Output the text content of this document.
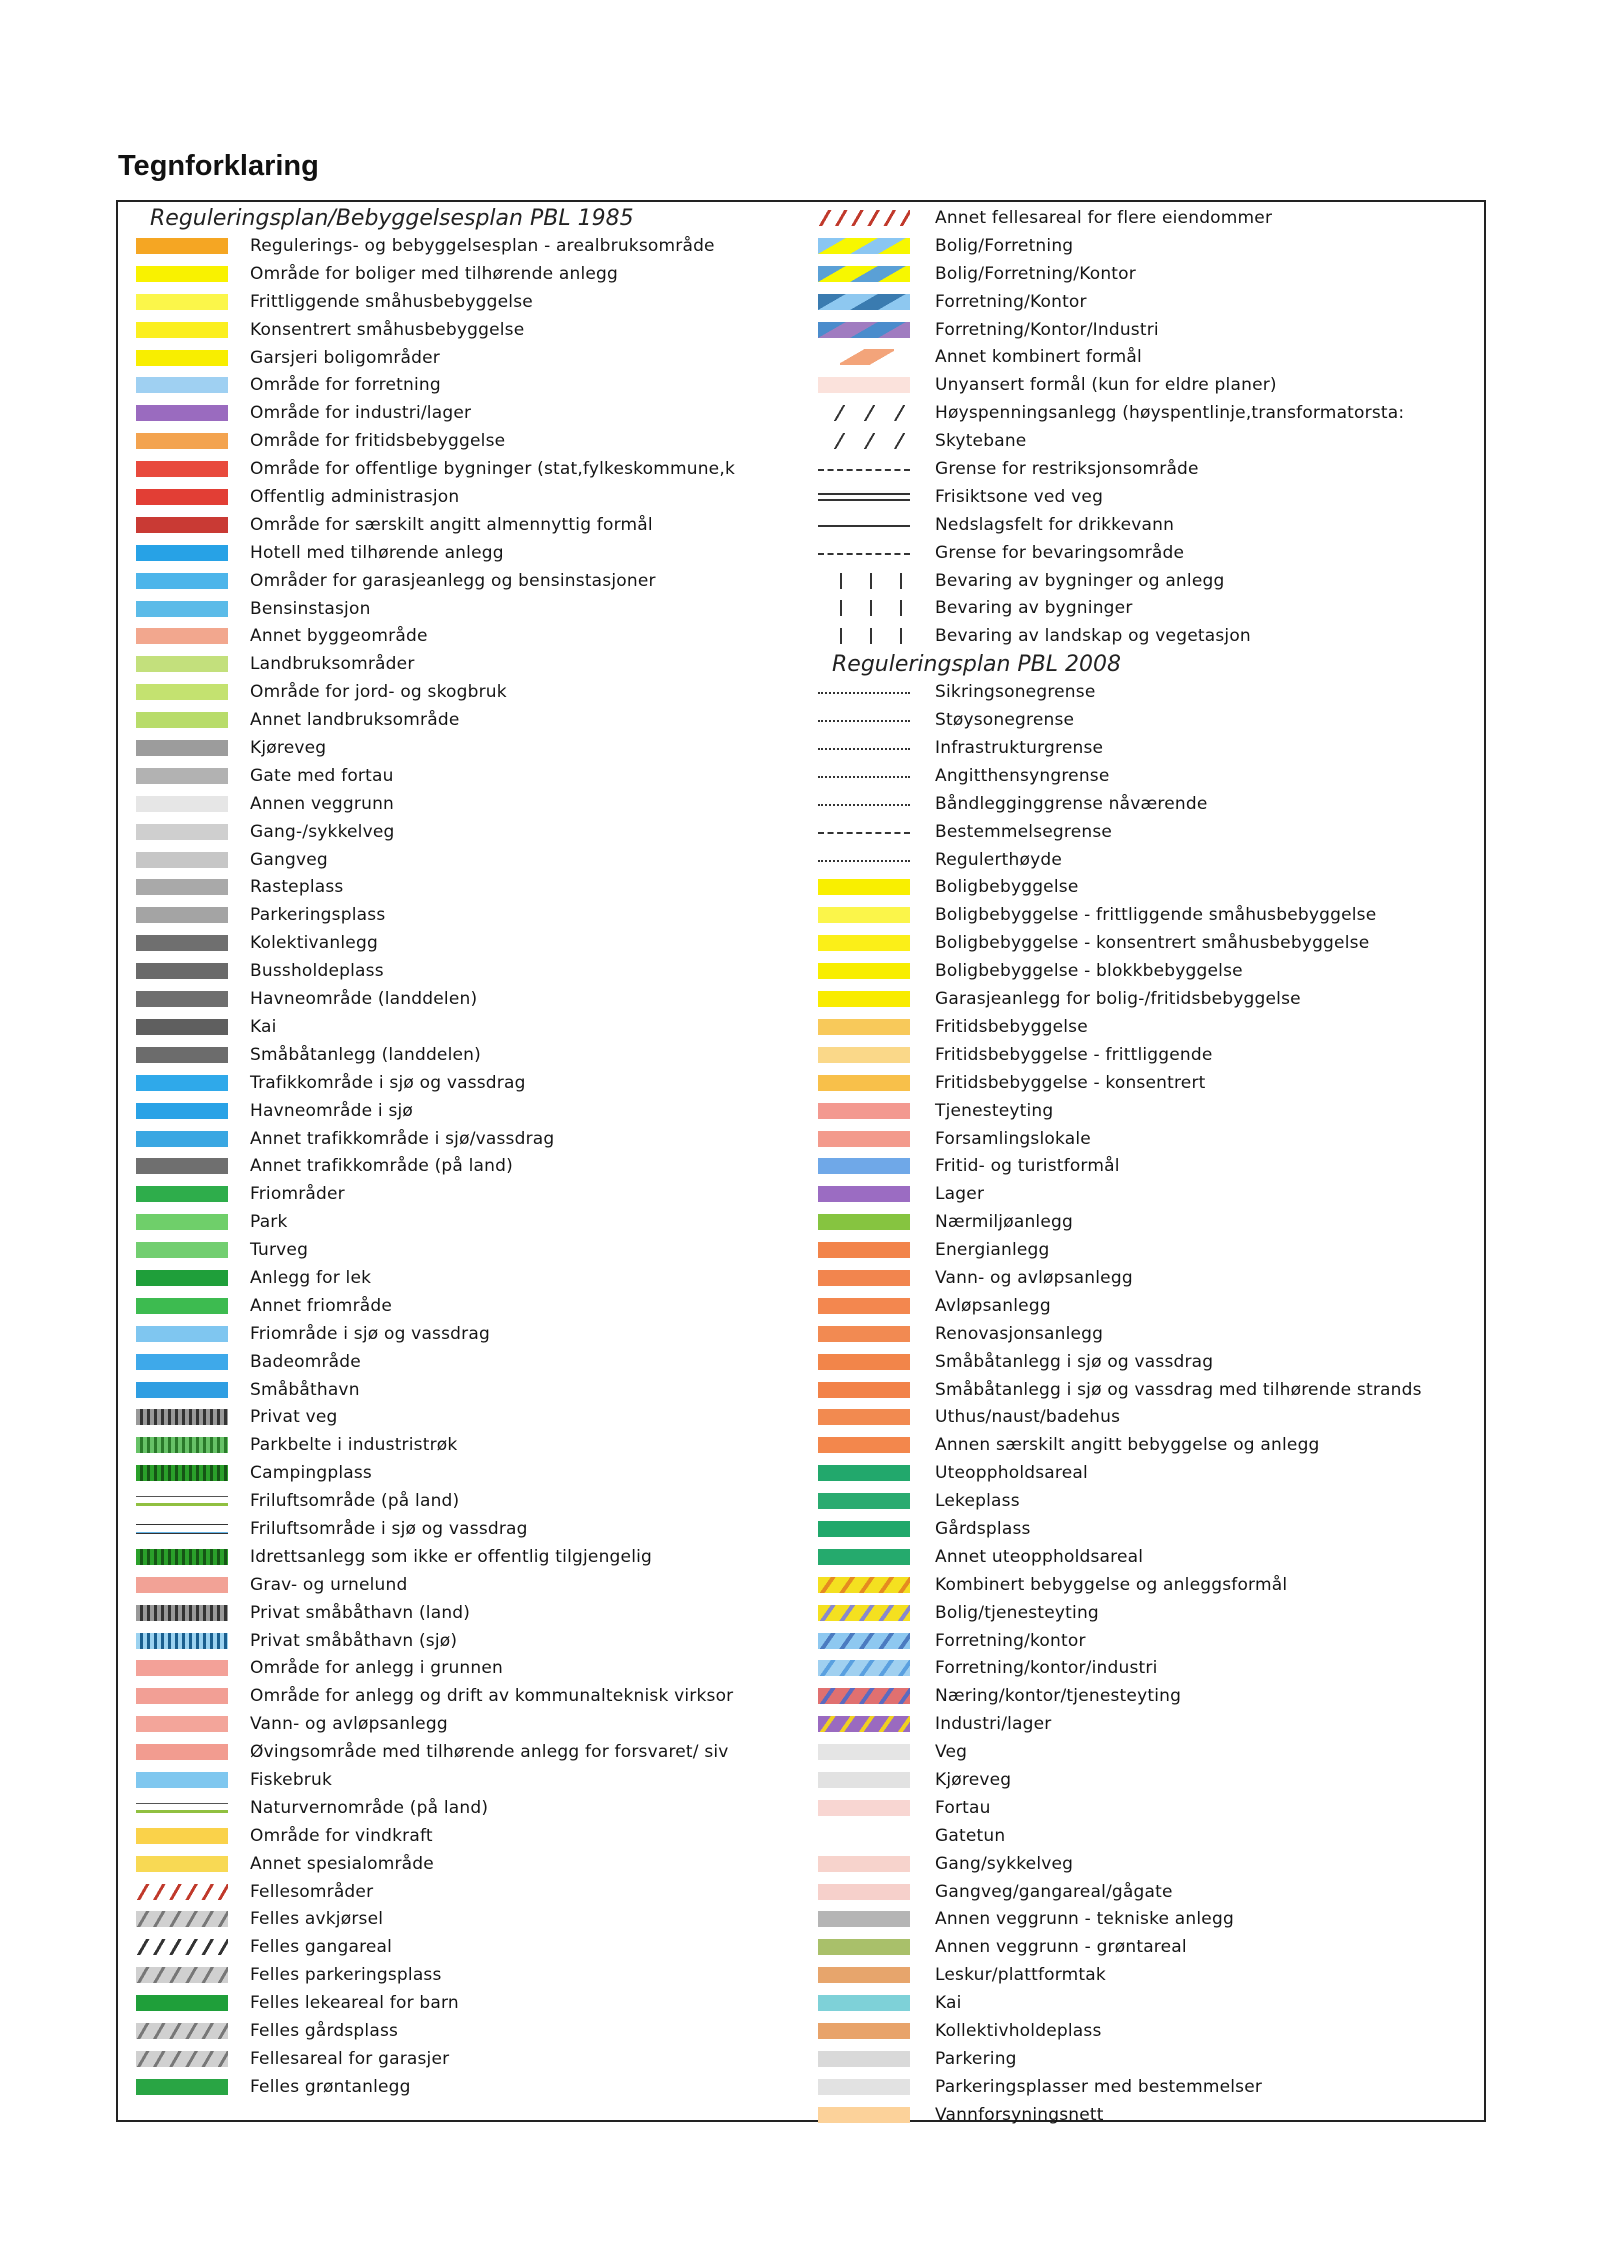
Tegnforklaring
Reguleringsplan/Bebyggelsesplan PBL 1985
Regulerings- og bebyggelsesplan - arealbruksområde
Område for boliger med tilhørende anlegg
Frittliggende småhusbebyggelse
Konsentrert småhusbebyggelse
Garsjeri boligområder
Område for forretning
Område for industri/lager
Område for fritidsbebyggelse
Område for offentlige bygninger (stat,fylkeskommune,k
Offentlig administrasjon
Område for særskilt angitt almennyttig formål
Hotell med tilhørende anlegg
Områder for garasjeanlegg og bensinstasjoner
Bensinstasjon
Annet byggeområde
Landbruksområder
Område for jord- og skogbruk
Annet landbruksområde
Kjøreveg
Gate med fortau
Annen veggrunn
Gang-/sykkelveg
Gangveg
Rasteplass
Parkeringsplass
Kolektivanlegg
Bussholdeplass
Havneområde (landdelen)
Kai
Småbåtanlegg (landdelen)
Trafikkområde i sjø og vassdrag
Havneområde i sjø
Annet trafikkområde i sjø/vassdrag
Annet trafikkområde (på land)
Friområder
Park
Turveg
Anlegg for lek
Annet friområde
Friområde i sjø og vassdrag
Badeområde
Småbåthavn
Privat veg
Parkbelte i industristrøk
Campingplass
Friluftsområde (på land)
Friluftsområde i sjø og vassdrag
Idrettsanlegg som ikke er offentlig tilgjengelig
Grav- og urnelund
Privat småbåthavn (land)
Privat småbåthavn (sjø)
Område for anlegg i grunnen
Område for anlegg og drift av kommunalteknisk virksor
Vann- og avløpsanlegg
Øvingsområde med tilhørende anlegg for forsvaret/ siv
Fiskebruk
Naturvernområde (på land)
Område for vindkraft
Annet spesialområde
Fellesområder
Felles avkjørsel
Felles gangareal
Felles parkeringsplass
Felles lekeareal for barn
Felles gårdsplass
Fellesareal for garasjer
Felles grøntanlegg
Annet fellesareal for flere eiendommer
Bolig/Forretning
Bolig/Forretning/Kontor
Forretning/Kontor
Forretning/Kontor/Industri
Annet kombinert formål
Unyansert formål (kun for eldre planer)
Høyspenningsanlegg (høyspentlinje,transformatorsta:
Skytebane
Grense for restriksjonsområde
Frisiktsone ved veg
Nedslagsfelt for drikkevann
Grense for bevaringsområde
Bevaring av bygninger og anlegg
Bevaring av bygninger
Bevaring av landskap og vegetasjon
Reguleringsplan PBL 2008
Sikringsonegrense
Støysonegrense
Infrastrukturgrense
Angitthensyngrense
Båndlegginggrense nåværende
Bestemmelsegrense
Regulerthøyde
Boligbebyggelse
Boligbebyggelse - frittliggende småhusbebyggelse
Boligbebyggelse - konsentrert småhusbebyggelse
Boligbebyggelse - blokkbebyggelse
Garasjeanlegg for bolig-/fritidsbebyggelse
Fritidsbebyggelse
Fritidsbebyggelse - frittliggende
Fritidsbebyggelse - konsentrert
Tjenesteyting
Forsamlingslokale
Fritid- og turistformål
Lager
Nærmiljøanlegg
Energianlegg
Vann- og avløpsanlegg
Avløpsanlegg
Renovasjonsanlegg
Småbåtanlegg i sjø og vassdrag
Småbåtanlegg i sjø og vassdrag med tilhørende strands
Uthus/naust/badehus
Annen særskilt angitt bebyggelse og anlegg
Uteoppholdsareal
Lekeplass
Gårdsplass
Annet uteoppholdsareal
Kombinert bebyggelse og anleggsformål
Bolig/tjenesteyting
Forretning/kontor
Forretning/kontor/industri
Næring/kontor/tjenesteyting
Industri/lager
Veg
Kjøreveg
Fortau
Gatetun
Gang/sykkelveg
Gangveg/gangareal/gågate
Annen veggrunn - tekniske anlegg
Annen veggrunn - grøntareal
Leskur/plattformtak
Kai
Kollektivholdeplass
Parkering
Parkeringsplasser med bestemmelser
Vannforsyningsnett
